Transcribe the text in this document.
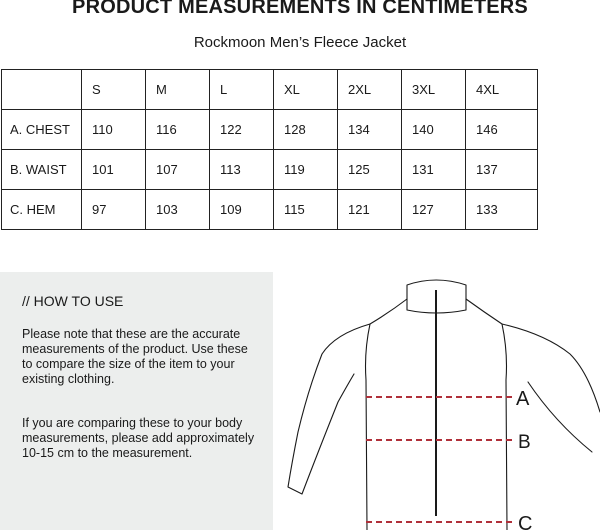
PRODUCT MEASUREMENTS IN CENTIMETERS
Rockmoon Men’s Fleece Jacket
	S	M	L	XL	2XL	3XL	4XL
A. CHEST	110	116	122	128	134	140	146
B. WAIST	101	107	113	119	125	131	137
C. HEM	97	103	109	115	121	127	133
// HOW TO USE
Please note that these are the accurate measurements of the product. Use these to compare the size of the item to your existing clothing.
If you are comparing these to your body measurements, please add approximately 10-15 cm to the measurement.
A
B
C
